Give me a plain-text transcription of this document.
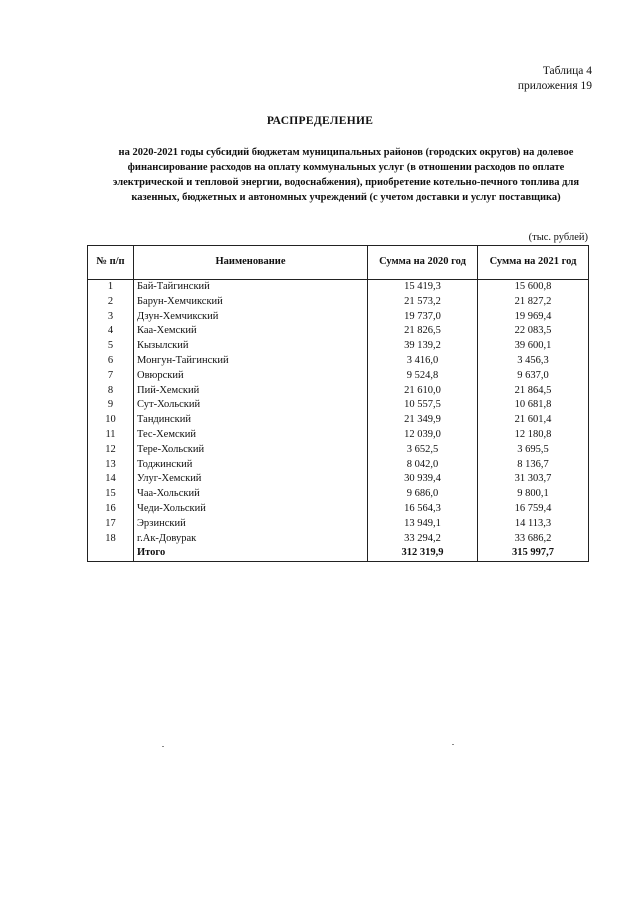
Таблица 4
приложения 19
РАСПРЕДЕЛЕНИЕ
на 2020-2021 годы субсидий бюджетам муниципальных районов (городских округов) на долевое финансирование расходов на оплату коммунальных услуг (в отношении расходов по оплате электрической и тепловой энергии, водоснабжения), приобретение котельно-печного топлива для казенных, бюджетных и автономных учреждений (с учетом доставки и услуг поставщика)
(тыс. рублей)
№ п/п	Наименование	Сумма на 2020 год	Сумма на 2021 год
1	Бай-Тайгинский	15 419,3	15 600,8
2	Барун-Хемчикский	21 573,2	21 827,2
3	Дзун-Хемчикский	19 737,0	19 969,4
4	Каа-Хемский	21 826,5	22 083,5
5	Кызылский	39 139,2	39 600,1
6	Монгун-Тайгинский	3 416,0	3 456,3
7	Овюрский	9 524,8	9 637,0
8	Пий-Хемский	21 610,0	21 864,5
9	Сут-Хольский	10 557,5	10 681,8
10	Тандинский	21 349,9	21 601,4
11	Тес-Хемский	12 039,0	12 180,8
12	Тере-Хольский	3 652,5	3 695,5
13	Тоджинский	8 042,0	8 136,7
14	Улуг-Хемский	30 939,4	31 303,7
15	Чаа-Хольский	9 686,0	9 800,1
16	Чеди-Хольский	16 564,3	16 759,4
17	Эрзинский	13 949,1	14 113,3
18	г.Ак-Довурак	33 294,2	33 686,2
	Итого	312 319,9	315 997,7
